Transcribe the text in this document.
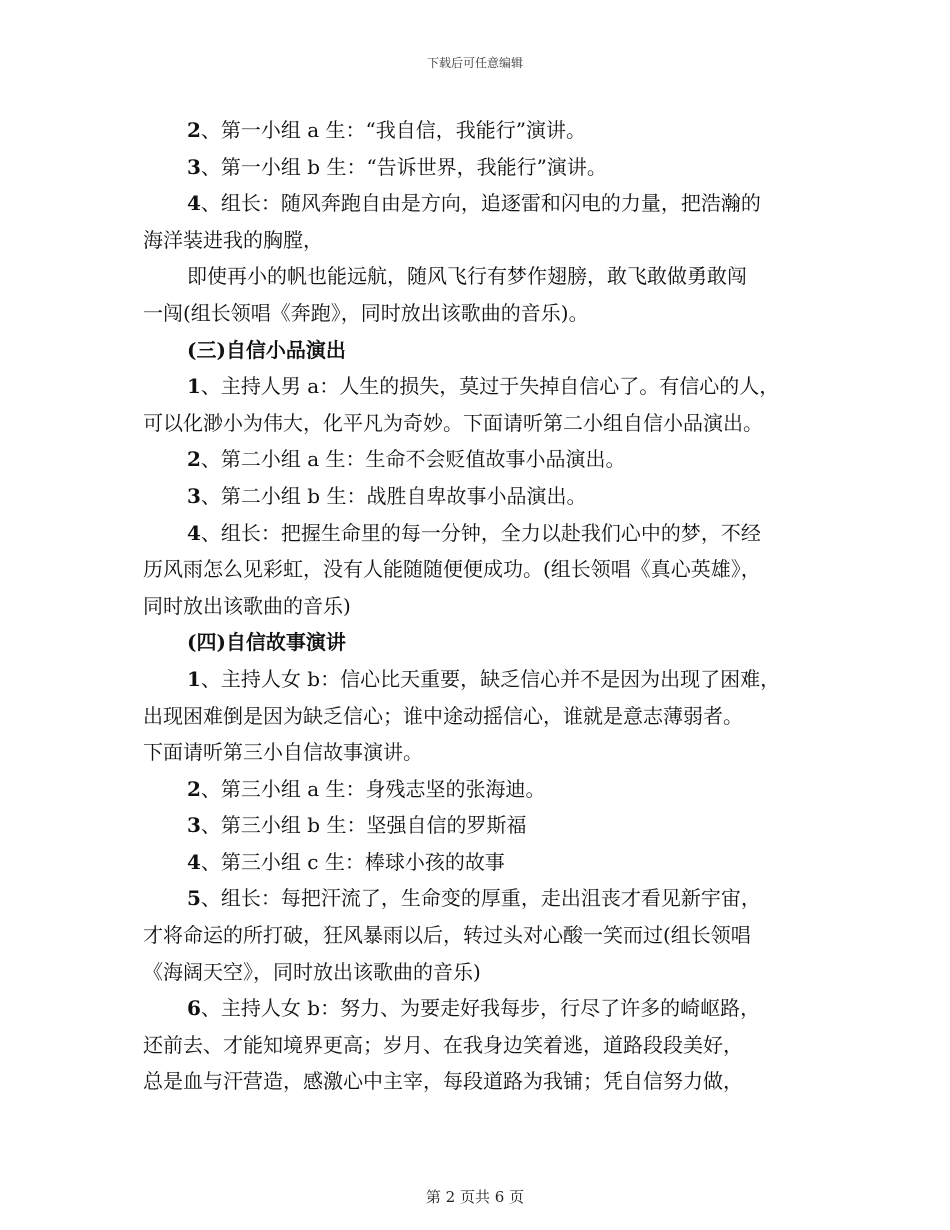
下载后可任意编辑
2、第一小组 a 生：“我自信，我能行”演讲。
3、第一小组 b 生：“告诉世界，我能行”演讲。
4、组长：随风奔跑自由是方向，追逐雷和闪电的力量，把浩瀚的
海洋装进我的胸膛，
即使再小的帆也能远航，随风飞行有梦作翅膀，敢飞敢做勇敢闯
一闯(组长领唱《奔跑》，同时放出该歌曲的音乐)。
(三)自信小品演出
1、主持人男 a：人生的损失，莫过于失掉自信心了。有信心的人，
可以化渺小为伟大，化平凡为奇妙。下面请听第二小组自信小品演出。
2、第二小组 a 生：生命不会贬值故事小品演出。
3、第二小组 b 生：战胜自卑故事小品演出。
4、组长：把握生命里的每一分钟，全力以赴我们心中的梦，不经
历风雨怎么见彩虹，没有人能随随便便成功。(组长领唱《真心英雄》，
同时放出该歌曲的音乐)
(四)自信故事演讲
1、主持人女 b：信心比天重要，缺乏信心并不是因为出现了困难，
出现困难倒是因为缺乏信心；谁中途动摇信心，谁就是意志薄弱者。
下面请听第三小自信故事演讲。
2、第三小组 a 生：身残志坚的张海迪。
3、第三小组 b 生：坚强自信的罗斯福
4、第三小组 c 生：棒球小孩的故事
5、组长：每把汗流了，生命变的厚重，走出沮丧才看见新宇宙，
才将命运的所打破，狂风暴雨以后，转过头对心酸一笑而过(组长领唱
《海阔天空》，同时放出该歌曲的音乐)
6、主持人女 b：努力、为要走好我每步，行尽了许多的崎岖路，
还前去、才能知境界更高；岁月、在我身边笑着逃，道路段段美好，
总是血与汗营造，感激心中主宰，每段道路为我铺；凭自信努力做，
第 2 页共 6 页
